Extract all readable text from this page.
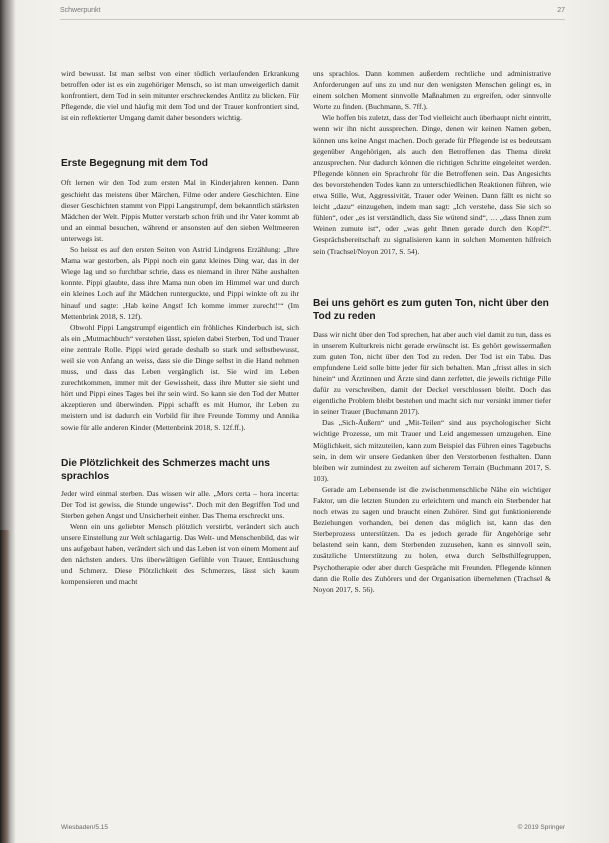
Schwerpunkt	27

wird bewusst. Ist man selbst von einer tödlich verlaufenden Erkrankung betroffen oder ist es ein zugehöriger Mensch, so ist man unweigerlich damit konfrontiert, dem Tod in sein mitunter erschreckendes Antlitz zu blicken. Für Pflegende, die viel und häufig mit dem Tod und der Trauer konfrontiert sind, ist ein reflektierter Umgang damit daher besonders wichtig.

Erste Begegnung mit dem Tod

Oft lernen wir den Tod zum ersten Mal in Kinderjahren kennen. Dann geschieht das meistens über Märchen, Filme oder andere Geschichten. Eine dieser Geschichten stammt von Pippi Langstrumpf, dem bekanntlich stärksten Mädchen der Welt. Pippis Mutter verstarb schon früh und ihr Vater kommt ab und an einmal besuchen, während er ansonsten auf den sieben Weltmeeren unterwegs ist.

So heisst es auf den ersten Seiten von Astrid Lindgrens Erzählung: „Ihre Mama war gestorben, als Pippi noch ein ganz kleines Ding war, das in der Wiege lag und so furchtbar schrie, dass es niemand in ihrer Nähe aushalten konnte. Pippi glaubte, dass ihre Mama nun oben im Himmel war und durch ein kleines Loch auf ihr Mädchen runterguckte, und Pippi winkte oft zu ihr hinauf und sagte: ‚Hab keine Angst! Ich komme immer zurecht!‘“ (Im Mettenbrink 2018, S. 12f).

Obwohl Pippi Langstrumpf eigentlich ein fröhliches Kinderbuch ist, sich als ein „Mutmachbuch“ verstehen lässt, spielen dabei Sterben, Tod und Trauer eine zentrale Rolle. Pippi wird gerade deshalb so stark und selbstbewusst, weil sie von Anfang an weiss, dass sie die Dinge selbst in die Hand nehmen muss, und dass das Leben vergänglich ist. Sie wird im Leben zurechtkommen, immer mit der Gewissheit, dass ihre Mutter sie sieht und hört und Pippi eines Tages bei ihr sein wird. So kann sie den Tod der Mutter akzeptieren und überwinden. Pippi schafft es mit Humor, ihr Leben zu meistern und ist dadurch ein Vorbild für ihre Freunde Tommy und Annika sowie für alle anderen Kinder (Mettenbrink 2018, S. 12f.ff.).

Die Plötzlichkeit des Schmerzes macht uns sprachlos

Jeder wird einmal sterben. Das wissen wir alle. „Mors certa – hora incerta: Der Tod ist gewiss, die Stunde ungewiss“. Doch mit den Begriffen Tod und Sterben gehen Angst und Unsicherheit einher. Das Thema erschreckt uns.

Wenn ein uns geliebter Mensch plötzlich verstirbt, verändert sich auch unsere Einstellung zur Welt schlagartig. Das Welt- und Menschenbild, das wir uns aufgebaut haben, verändert sich und das Leben ist von einem Moment auf den nächsten anders. Uns überwältigen Gefühle von Trauer, Enttäuschung und Schmerz. Diese Plötzlichkeit des Schmerzes, lässt sich kaum kompensieren und macht

uns sprachlos. Dann kommen außerdem rechtliche und administrative Anforderungen auf uns zu und nur den wenigsten Menschen gelingt es, in einem solchen Moment sinnvolle Maßnahmen zu ergreifen, oder sinnvolle Worte zu finden. (Buchmann, S. 7ff.).

Wie hoffen bis zuletzt, dass der Tod vielleicht auch überhaupt nicht eintritt, wenn wir ihn nicht aussprechen. Dinge, denen wir keinen Namen geben, können uns keine Angst machen. Doch gerade für Pflegende ist es bedeutsam gegenüber Angehörigen, als auch den Betroffenen das Thema direkt anzusprechen. Nur dadurch können die richtigen Schritte eingeleitet werden. Pflegende können ein Sprachrohr für die Betroffenen sein. Das Angesichts des bevorstehenden Todes kann zu unterschiedlichen Reaktionen führen, wie etwa Stille, Wut, Aggressivität, Trauer oder Weinen. Dann fällt es nicht so leicht „dazu“ einzugehen, indem man sagt: „Ich verstehe, dass Sie sich so fühlen“, oder „es ist verständlich, dass Sie wütend sind“, … „dass Ihnen zum Weinen zumute ist“, oder „was geht Ihnen gerade durch den Kopf?“. Gesprächsbereitschaft zu signalisieren kann in solchen Momenten hilfreich sein (Trachsel/Noyon 2017, S. 54).

Bei uns gehört es zum guten Ton, nicht über den Tod zu reden

Dass wir nicht über den Tod sprechen, hat aber auch viel damit zu tun, dass es in unserem Kulturkreis nicht gerade erwünscht ist. Es gehört gewissermaßen zum guten Ton, nicht über den Tod zu reden. Der Tod ist ein Tabu. Das empfundene Leid solle bitte jeder für sich behalten. Man „frisst alles in sich hinein“ und Ärztinnen und Ärzte sind dann zerfettet, die jeweils richtige Pille dafür zu verschreiben, damit der Deckel verschlossen bleibt. Doch das eigentliche Problem bleibt bestehen und macht sich nur versinkt immer tiefer in seiner Trauer (Buchmann 2017).

Das „Sich-Äußern“ und „Mit-Teilen“ sind aus psychologischer Sicht wichtige Prozesse, um mit Trauer und Leid angemessen umzugehen. Eine Möglichkeit, sich mitzuteilen, kann zum Beispiel das Führen eines Tagebuchs sein, in dem wir unsere Gedanken über den Verstorbenen festhalten. Dann bleiben wir zumindest zu zweiten auf sicherem Terrain (Buchmann 2017, S. 103).

Gerade am Lebensende ist die zwischenmenschliche Nähe ein wichtiger Faktor, um die letzten Stunden zu erleichtern und manch ein Sterbender hat noch etwas zu sagen und braucht einen Zuhörer. Sind gut funktionierende Beziehungen vorhanden, bei denen das möglich ist, kann das den Sterbeprozess unterstützen. Da es jedoch gerade für Angehörige sehr belastend sein kann, dem Sterbenden zuzusehen, kann es sinnvoll sein, zusätzliche Unterstützung zu holen, etwa durch Selbsthilfegruppen, Psychotherapie oder aber durch Gespräche mit Freunden. Pflegende können dann die Rolle des Zuhörers und der Organisation übernehmen (Trachsel & Noyon 2017, S. 56).

Wiesbaden/5.15	© 2019 Springer
